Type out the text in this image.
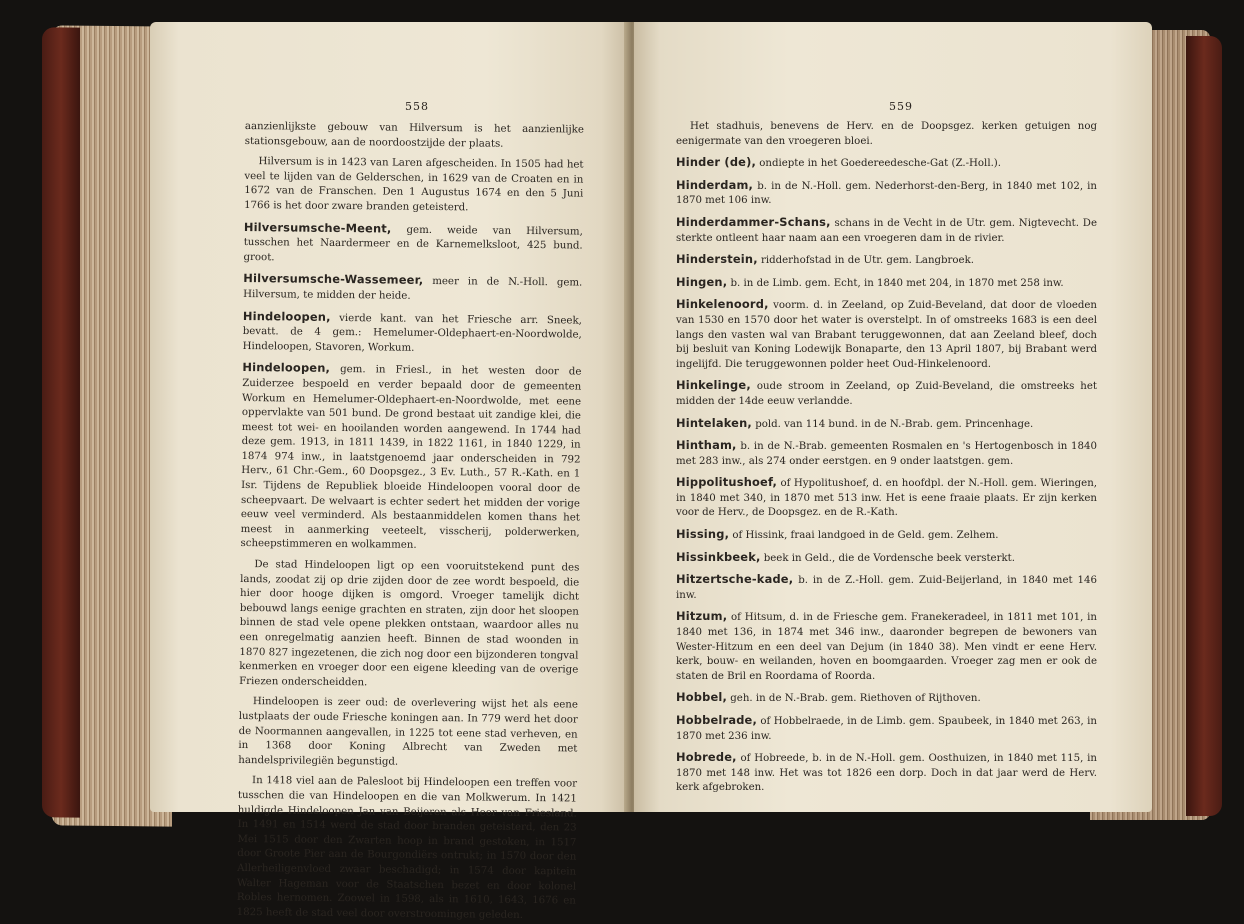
558

aanzienlijkste gebouw van Hilversum is het aanzienlijke stationsgebouw, aan de noordoostzijde der plaats.

Hilversum is in 1423 van Laren afgescheiden. In 1505 had het veel te lijden van de Gelderschen, in 1629 van de Croaten en in 1672 van de Franschen. Den 1 Augustus 1674 en den 5 Juni 1766 is het door zware branden geteisterd.

Hilversumsche-Meent, gem. weide van Hilversum, tusschen het Naardermeer en de Karnemelksloot, 425 bund. groot.

Hilversumsche-Wassemeer, meer in de N.-Holl. gem. Hilversum, te midden der heide.

Hindeloopen, vierde kant. van het Friesche arr. Sneek, bevatt. de 4 gem.: Hemelumer-Oldephaert-en-Noordwolde, Hindeloopen, Stavoren, Workum.

Hindeloopen, gem. in Friesl., in het westen door de Zuiderzee bespoeld en verder bepaald door de gemeenten Workum en Hemelumer-Oldephaert-en-Noordwolde, met eene oppervlakte van 501 bund. De grond bestaat uit zandige klei, die meest tot wei- en hooilanden worden aangewend. In 1744 had deze gem. 1913, in 1811 1439, in 1822 1161, in 1840 1229, in 1874 974 inw., in laatstgenoemd jaar onderscheiden in 792 Herv., 61 Chr.-Gem., 60 Doopsgez., 3 Ev. Luth., 57 R.-Kath. en 1 Isr. Tijdens de Republiek bloeide Hindeloopen vooral door de scheepvaart. De welvaart is echter sedert het midden der vorige eeuw veel verminderd. Als bestaanmiddelen komen thans het meest in aanmerking veeteelt, visscherij, polderwerken, scheepstimmeren en wolkammen.

De stad Hindeloopen ligt op een vooruitstekend punt des lands, zoodat zij op drie zijden door de zee wordt bespoeld, die hier door hooge dijken is omgord. Vroeger tamelijk dicht bebouwd langs eenige grachten en straten, zijn door het sloopen binnen de stad vele opene plekken ontstaan, waardoor alles nu een onregelmatig aanzien heeft. Binnen de stad woonden in 1870 827 ingezetenen, die zich nog door een bijzonderen tongval kenmerken en vroeger door een eigene kleeding van de overige Friezen onderscheidden.

Hindeloopen is zeer oud: de overlevering wijst het als eene lustplaats der oude Friesche koningen aan. In 779 werd het door de Noormannen aangevallen, in 1225 tot eene stad verheven, en in 1368 door Koning Albrecht van Zweden met handelsprivilegiën begunstigd.

In 1418 viel aan de Palesloot bij Hindeloopen een treffen voor tusschen die van Hindeloopen en die van Molkwerum. In 1421 huldigde Hindeloopen Jan van Beijeren als Heer van Friesland. In 1491 en 1514 werd de stad door branden geteisterd, den 23 Mei 1515 door den Zwarten hoop in brand gestoken, in 1517 door Groote Pier aan de Bourgondiërs ontrukt; in 1570 door den Allerheiligenvloed zwaar beschadigd; in 1574 door kapitein Walter Hageman voor de Staatschen bezet en door kolonel Robles hernomen. Zoowel in 1598, als in 1610, 1643, 1676 en 1825 heeft de stad veel door overstroomingen geleden.

559

Het stadhuis, benevens de Herv. en de Doopsgez. kerken getuigen nog eenigermate van den vroegeren bloei.

Hinder (de), ondiepte in het Goedereedesche-Gat (Z.-Holl.).

Hinderdam, b. in de N.-Holl. gem. Nederhorst-den-Berg, in 1840 met 102, in 1870 met 106 inw.

Hinderdammer-Schans, schans in de Vecht in de Utr. gem. Nigtevecht. De sterkte ontleent haar naam aan een vroegeren dam in de rivier.

Hinderstein, ridderhofstad in de Utr. gem. Langbroek.

Hingen, b. in de Limb. gem. Echt, in 1840 met 204, in 1870 met 258 inw.

Hinkelenoord, voorm. d. in Zeeland, op Zuid-Beveland, dat door de vloeden van 1530 en 1570 door het water is overstelpt. In of omstreeks 1683 is een deel langs den vasten wal van Brabant teruggewonnen, dat aan Zeeland bleef, doch bij besluit van Koning Lodewijk Bonaparte, den 13 April 1807, bij Brabant werd ingelijfd. Die teruggewonnen polder heet Oud-Hinkelenoord.

Hinkelinge, oude stroom in Zeeland, op Zuid-Beveland, die omstreeks het midden der 14de eeuw verlandde.

Hintelaken, pold. van 114 bund. in de N.-Brab. gem. Princenhage.

Hintham, b. in de N.-Brab. gemeenten Rosmalen en 's Hertogenbosch in 1840 met 283 inw., als 274 onder eerstgen. en 9 onder laatstgen. gem.

Hippolitushoef, of Hypolitushoef, d. en hoofdpl. der N.-Holl. gem. Wieringen, in 1840 met 340, in 1870 met 513 inw. Het is eene fraaie plaats. Er zijn kerken voor de Herv., de Doopsgez. en de R.-Kath.

Hissing, of Hissink, fraai landgoed in de Geld. gem. Zelhem.

Hissinkbeek, beek in Geld., die de Vordensche beek versterkt.

Hitzertsche-kade, b. in de Z.-Holl. gem. Zuid-Beijerland, in 1840 met 146 inw.

Hitzum, of Hitsum, d. in de Friesche gem. Franekeradeel, in 1811 met 101, in 1840 met 136, in 1874 met 346 inw., daaronder begrepen de bewoners van Wester-Hitzum en een deel van Dejum (in 1840 38). Men vindt er eene Herv. kerk, bouw- en weilanden, hoven en boomgaarden. Vroeger zag men er ook de staten de Bril en Roordama of Roorda.

Hobbel, geh. in de N.-Brab. gem. Riethoven of Rijthoven.

Hobbelrade, of Hobbelraede, in de Limb. gem. Spaubeek, in 1840 met 263, in 1870 met 236 inw.

Hobrede, of Hobreede, b. in de N.-Holl. gem. Oosthuizen, in 1840 met 115, in 1870 met 148 inw. Het was tot 1826 een dorp. Doch in dat jaar werd de Herv. kerk afgebroken.
